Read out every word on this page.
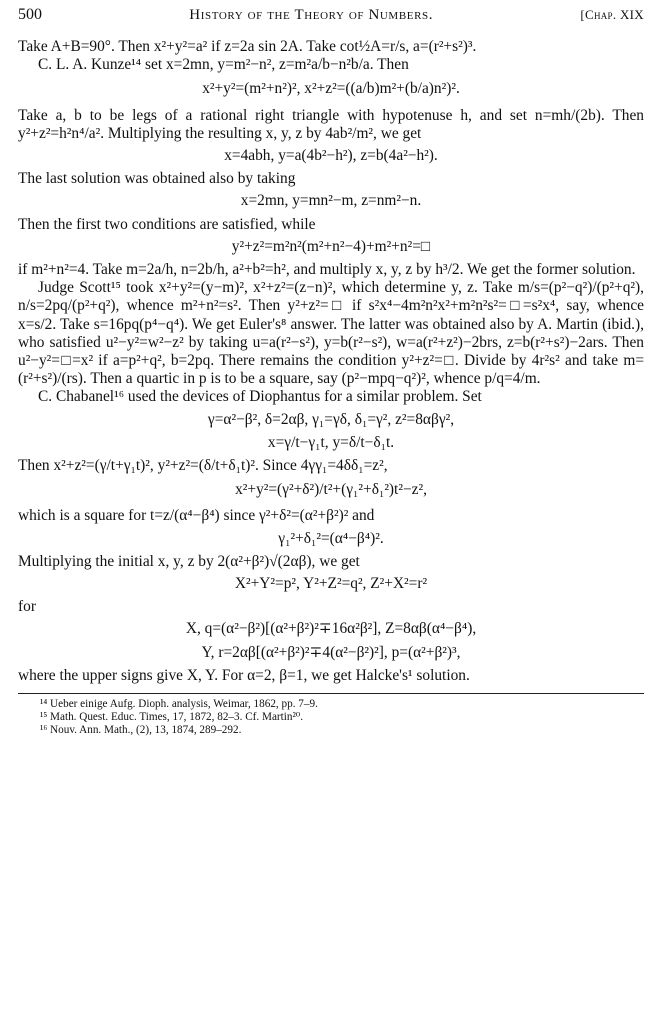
500	History of the Theory of Numbers.	[Chap. XIX

Take A+B=90°. Then x²+y²=a² if z=2a sin 2A. Take cot½A=r/s, a=(r²+s²)³.

C. L. A. Kunze¹⁴ set x=2mn, y=m²−n², z=m²a/b−n²b/a. Then

x²+y²=(m²+n²)², x²+z²=((a/b)m²+(b/a)n²)².

Take a, b to be legs of a rational right triangle with hypotenuse h, and set n=mh/(2b). Then y²+z²=h²n⁴/a². Multiplying the resulting x, y, z by 4ab²/m², we get

x=4abh, y=a(4b²−h²), z=b(4a²−h²).

The last solution was obtained also by taking

x=2mn, y=mn²−m, z=nm²−n.

Then the first two conditions are satisfied, while

y²+z²=m²n²(m²+n²−4)+m²+n²=□

if m²+n²=4. Take m=2a/h, n=2b/h, a²+b²=h², and multiply x, y, z by h³/2. We get the former solution.

Judge Scott¹⁵ took x²+y²=(y−m)², x²+z²=(z−n)², which determine y, z. Take m/s=(p²−q²)/(p²+q²), n/s=2pq/(p²+q²), whence m²+n²=s². Then y²+z²=□ if s²x⁴−4m²n²x²+m²n²s²=□=s²x⁴, say, whence x=s/2. Take s=16pq(p⁴−q⁴). We get Euler's⁸ answer. The latter was obtained also by A. Martin (ibid.), who satisfied u²−y²=w²−z² by taking u=a(r²−s²), y=b(r²−s²), w=a(r²+z²)−2brs, z=b(r²+s²)−2ars. Then u²−y²=□=x² if a=p²+q², b=2pq. There remains the condition y²+z²=□. Divide by 4r²s² and take m=(r²+s²)/(rs). Then a quartic in p is to be a square, say (p²−mpq−q²)², whence p/q=4/m.

C. Chabanel¹⁶ used the devices of Diophantus for a similar problem. Set

γ=α²−β², δ=2αβ, γ₁=γδ, δ₁=γ², z²=8αβγ²,
x=γ/t−γ₁t, y=δ/t−δ₁t.

Then x²+z²=(γ/t+γ₁t)², y²+z²=(δ/t+δ₁t)². Since 4γγ₁=4δδ₁=z²,

x²+y²=(γ²+δ²)/t²+(γ₁²+δ₁²)t²−z²,

which is a square for t=z/(α⁴−β⁴) since γ²+δ²=(α²+β²)² and

γ₁²+δ₁²=(α⁴−β⁴)².

Multiplying the initial x, y, z by 2(α²+β²)√(2αβ), we get

X²+Y²=p², Y²+Z²=q², Z²+X²=r²

for

X, q=(α²−β²)[(α²+β²)²∓16α²β²], Z=8αβ(α⁴−β⁴),
Y, r=2αβ[(α²+β²)²∓4(α²−β²)²], p=(α²+β²)³,

where the upper signs give X, Y. For α=2, β=1, we get Halcke's¹ solution.

¹⁴ Ueber einige Aufg. Dioph. analysis, Weimar, 1862, pp. 7–9.
¹⁵ Math. Quest. Educ. Times, 17, 1872, 82–3. Cf. Martin²⁰.
¹⁶ Nouv. Ann. Math., (2), 13, 1874, 289–292.
